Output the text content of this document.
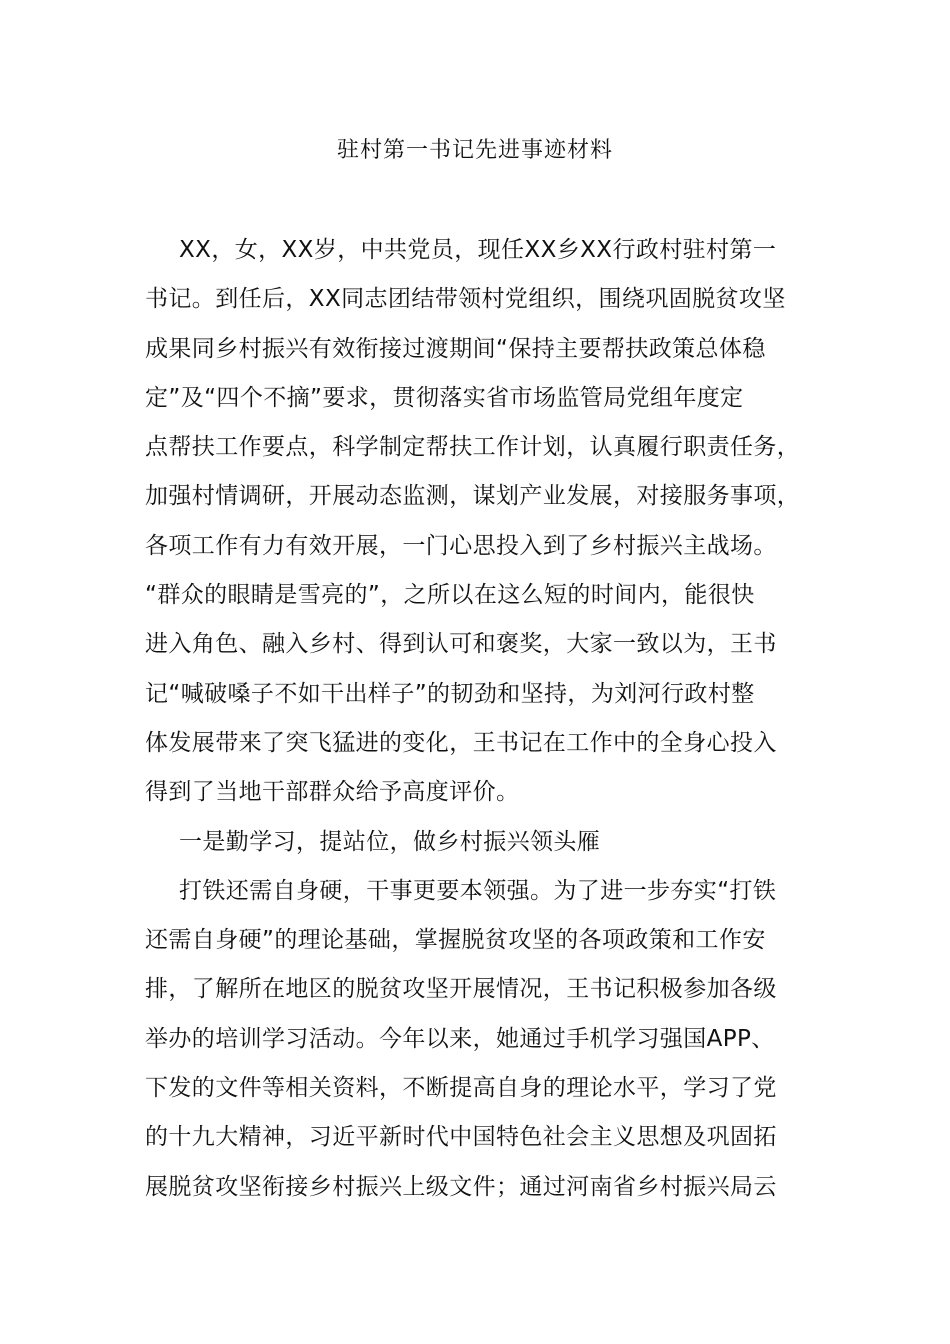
驻村第一书记先进事迹材料
XX，女，XX岁，中共党员，现任XX乡XX行政村驻村第一
书记。到任后，XX同志团结带领村党组织，围绕巩固脱贫攻坚
成果同乡村振兴有效衔接过渡期间“保持主要帮扶政策总体稳
定”及“四个不摘”要求，贯彻落实省市场监管局党组年度定
点帮扶工作要点，科学制定帮扶工作计划，认真履行职责任务，
加强村情调研，开展动态监测，谋划产业发展，对接服务事项，
各项工作有力有效开展，一门心思投入到了乡村振兴主战场。
“群众的眼睛是雪亮的”，之所以在这么短的时间内，能很快
进入角色、融入乡村、得到认可和褒奖，大家一致以为，王书
记“喊破嗓子不如干出样子”的韧劲和坚持，为刘河行政村整
体发展带来了突飞猛进的变化，王书记在工作中的全身心投入
得到了当地干部群众给予高度评价。
一是勤学习，提站位，做乡村振兴领头雁
打铁还需自身硬，干事更要本领强。为了进一步夯实“打铁
还需自身硬”的理论基础，掌握脱贫攻坚的各项政策和工作安
排，了解所在地区的脱贫攻坚开展情况，王书记积极参加各级
举办的培训学习活动。今年以来，她通过手机学习强国APP、
下发的文件等相关资料，不断提高自身的理论水平，学习了党
的十九大精神，习近平新时代中国特色社会主义思想及巩固拓
展脱贫攻坚衔接乡村振兴上级文件；通过河南省乡村振兴局云
